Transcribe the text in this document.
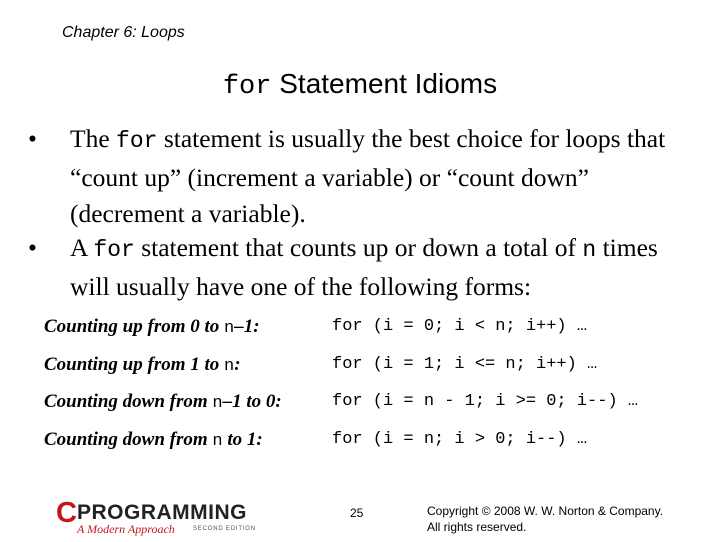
Chapter 6: Loops
for Statement Idioms
• The for statement is usually the best choice for loops that “count up” (increment a variable) or “count down” (decrement a variable).
• A for statement that counts up or down a total of n times will usually have one of the following forms:
Counting up from 0 to n–1:	for (i = 0; i < n; i++) …
Counting up from 1 to n:	for (i = 1; i <= n; i++) …
Counting down from n–1 to 0:	for (i = n - 1; i >= 0; i--) …
Counting down from n to 1:	for (i = n; i > 0; i--) …
C PROGRAMMING
A Modern Approach	SECOND EDITION
25	Copyright © 2008 W. W. Norton & Company.
All rights reserved.
